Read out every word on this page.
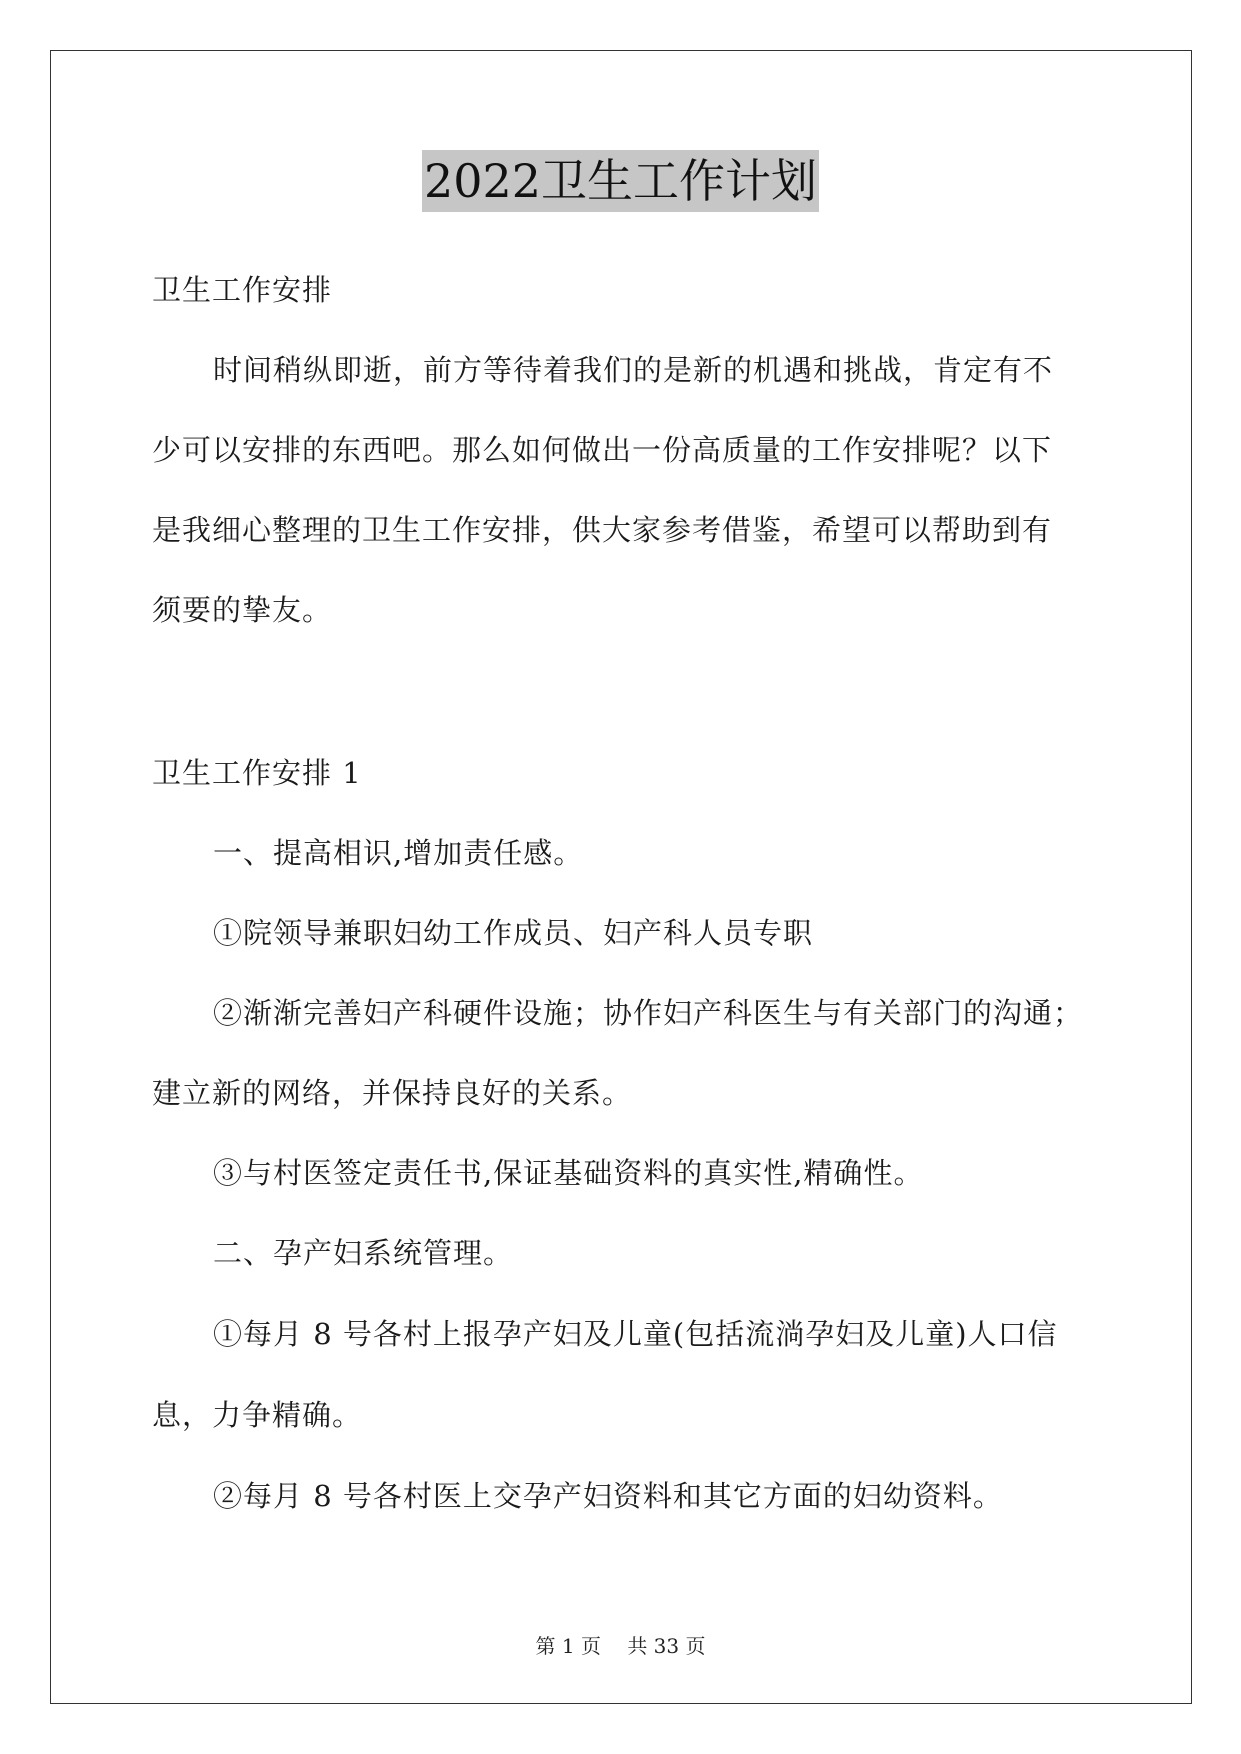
2022卫生工作计划
卫生工作安排
时间稍纵即逝，前方等待着我们的是新的机遇和挑战，肯定有不
少可以安排的东西吧。那么如何做出一份高质量的工作安排呢？以下
是我细心整理的卫生工作安排，供大家参考借鉴，希望可以帮助到有
须要的挚友。
卫生工作安排 1
一、提高相识,增加责任感。
①院领导兼职妇幼工作成员、妇产科人员专职
②渐渐完善妇产科硬件设施；协作妇产科医生与有关部门的沟通；
建立新的网络，并保持良好的关系。
③与村医签定责任书,保证基础资料的真实性,精确性。
二、孕产妇系统管理。
①每月 8 号各村上报孕产妇及儿童(包括流淌孕妇及儿童)人口信
息，力争精确。
②每月 8 号各村医上交孕产妇资料和其它方面的妇幼资料。
第 1 页 共 33 页
